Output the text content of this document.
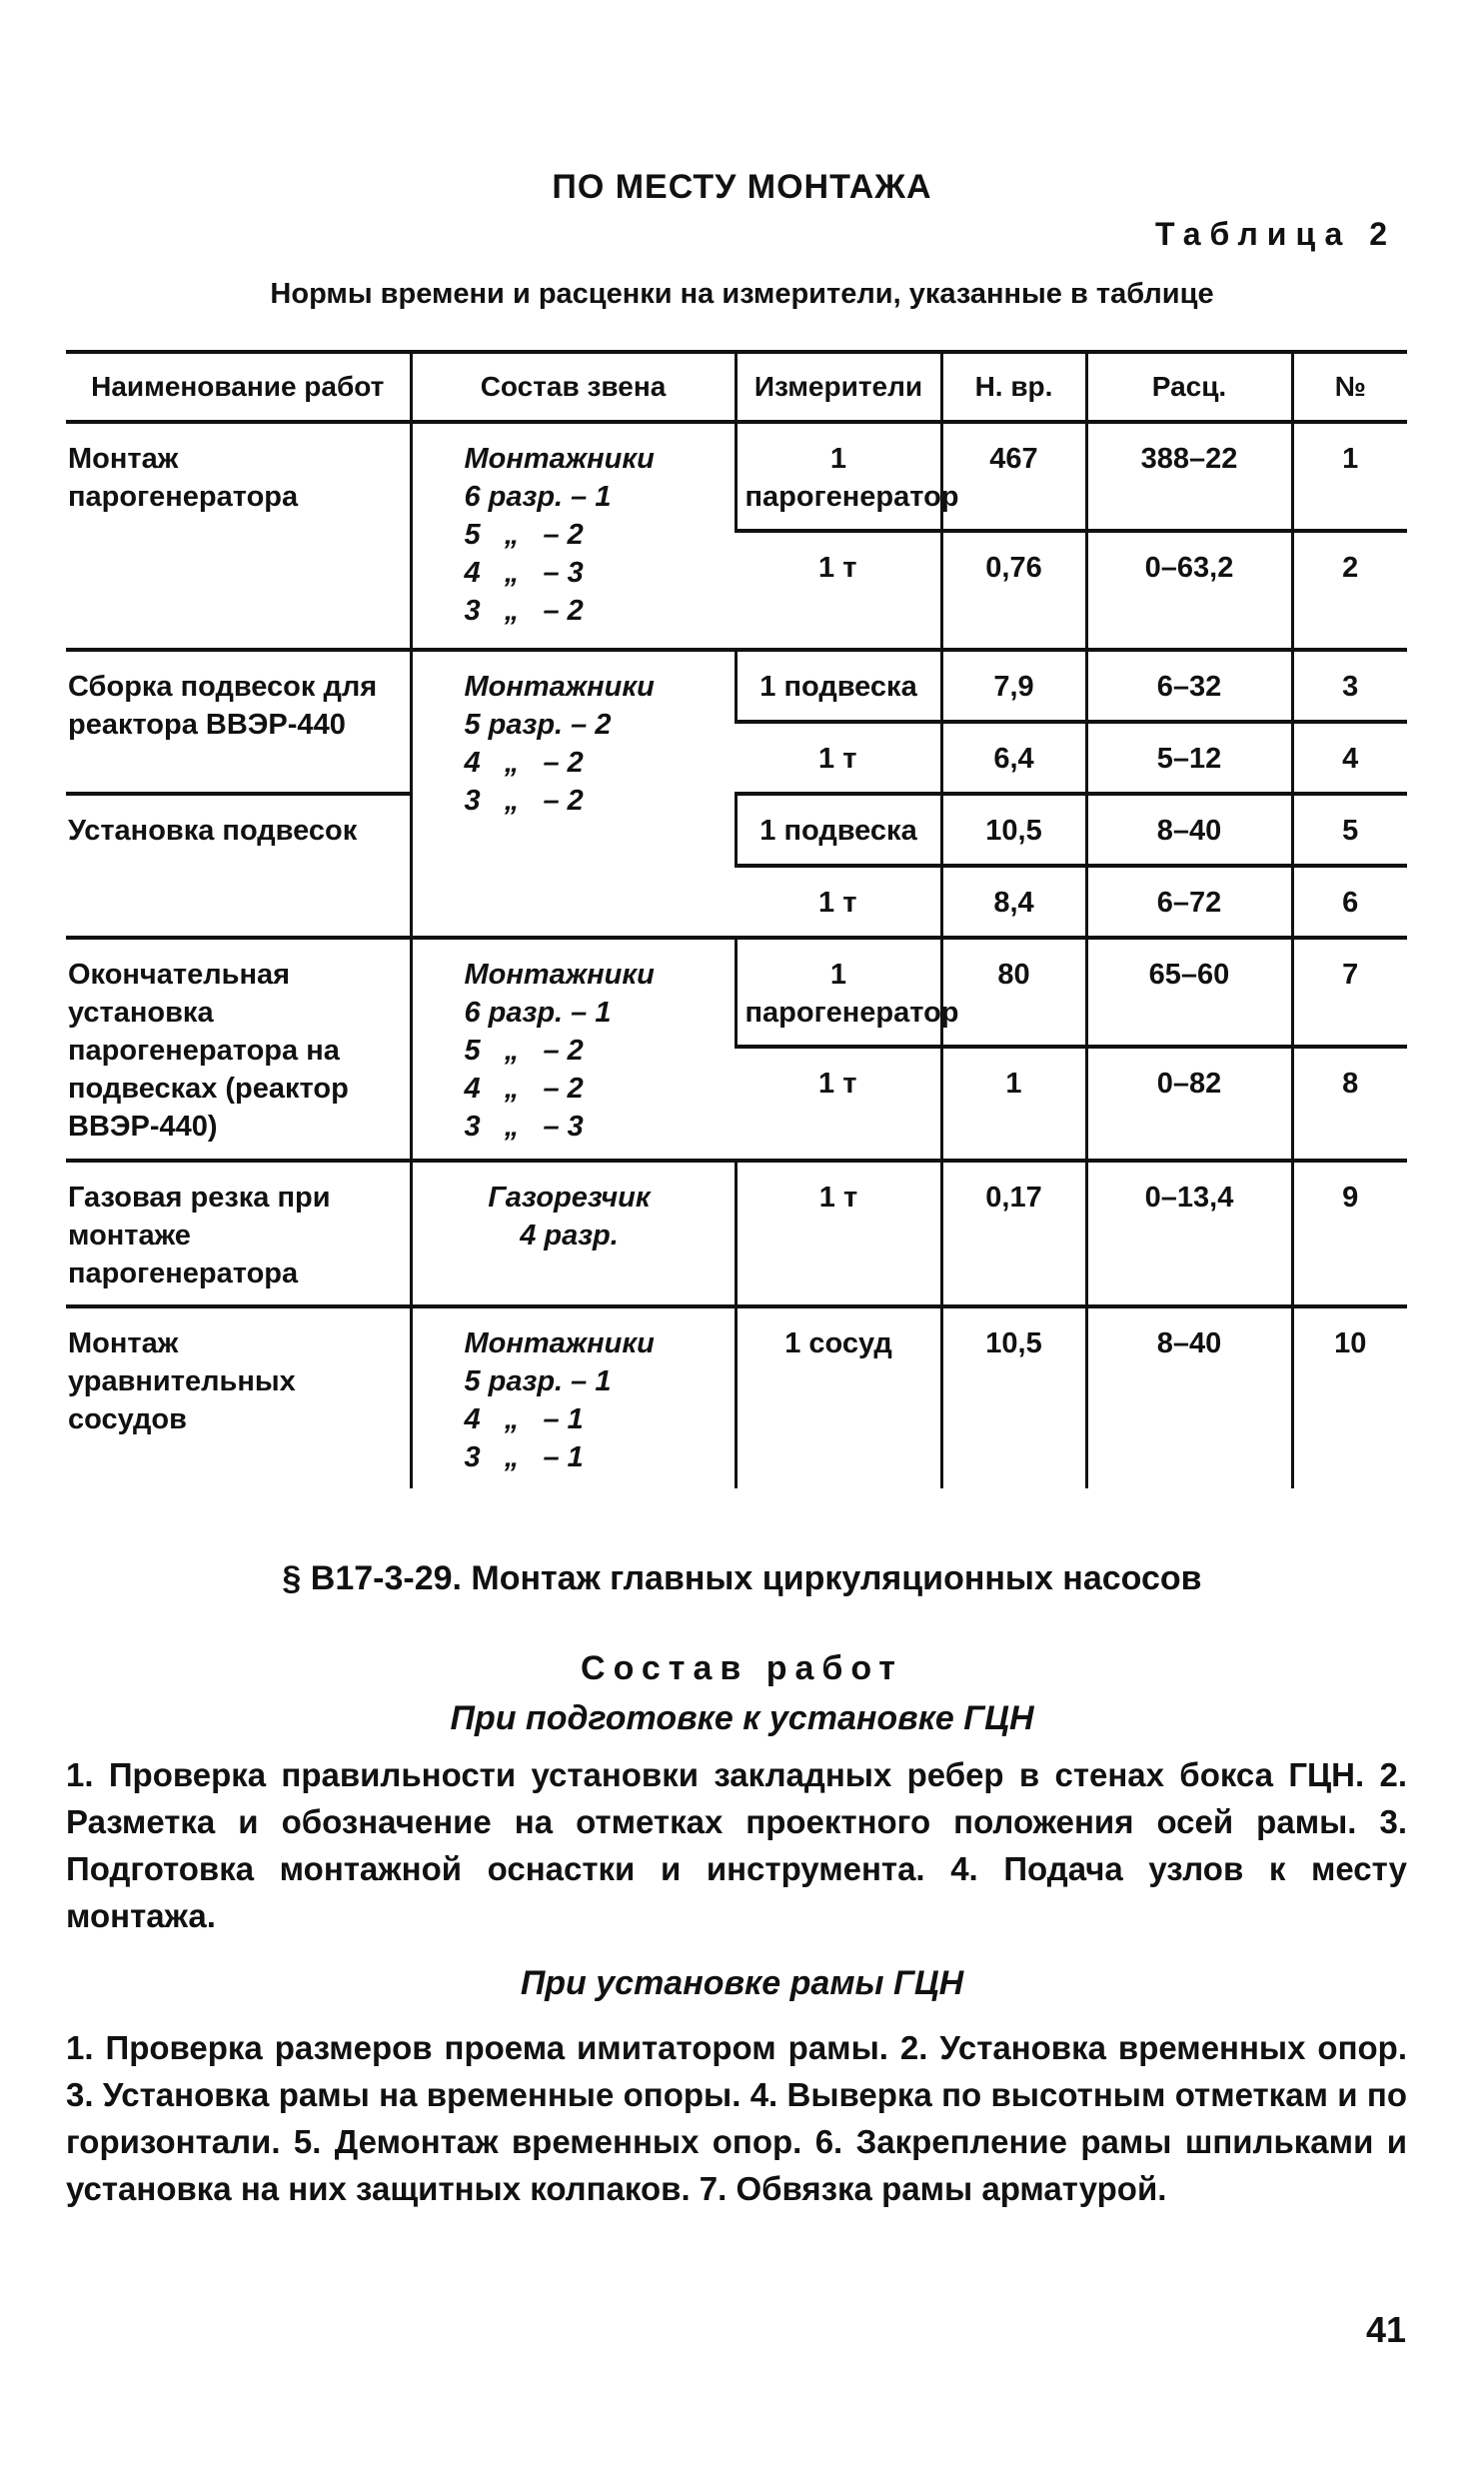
ПО МЕСТУ МОНТАЖА
Таблица 2
Нормы времени и расценки на измерители, указанные в таблице
Наименование работ	Состав звена	Измерители	Н. вр.	Расц.	№

Монтаж парогенератора	Монтажники
6 разр. – 1
5   „   – 2
4   „   – 3
3   „   – 2	1 парогенератор	467	388–22	1

		1 т	0,76	0–63,2	2

Сборка подвесок для реактора ВВЭР-440	Монтажники
5 разр. – 2
4   „   – 2
3   „   – 2	1 подвеска	7,9	6–32	3

		1 т	6,4	5–12	4

Установка подвесок		1 подвеска	10,5	8–40	5

		1 т	8,4	6–72	6

Окончательная установка парогенератора на подвесках (реактор ВВЭР-440)	Монтажники
6 разр. – 1
5   „   – 2
4   „   – 2
3   „   – 3	1 парогенератор	80	65–60	7

		1 т	1	0–82	8

Газовая резка при монтаже парогенератора	Газорезчик
4 разр.	1 т	0,17	0–13,4	9

Монтаж уравнительных сосудов	Монтажники
5 разр. – 1
4   „   – 1
3   „   – 1	1 сосуд	10,5	8–40	10
§ В17-3-29. Монтаж главных циркуляционных насосов
Состав работ
При подготовке к установке ГЦН
1. Проверка правильности установки закладных ребер в стенах бокса ГЦН. 2. Разметка и обозначение на отметках проектного положения осей рамы. 3. Подготовка монтажной оснастки и инструмента. 4. Подача узлов к месту монтажа.
При установке рамы ГЦН
1. Проверка размеров проема имитатором рамы. 2. Установка временных опор. 3. Установка рамы на временные опоры. 4. Выверка по высотным отметкам и по горизонтали. 5. Демонтаж временных опор. 6. Закрепление рамы шпильками и установка на них защитных колпаков. 7. Обвязка рамы арматурой.
41
